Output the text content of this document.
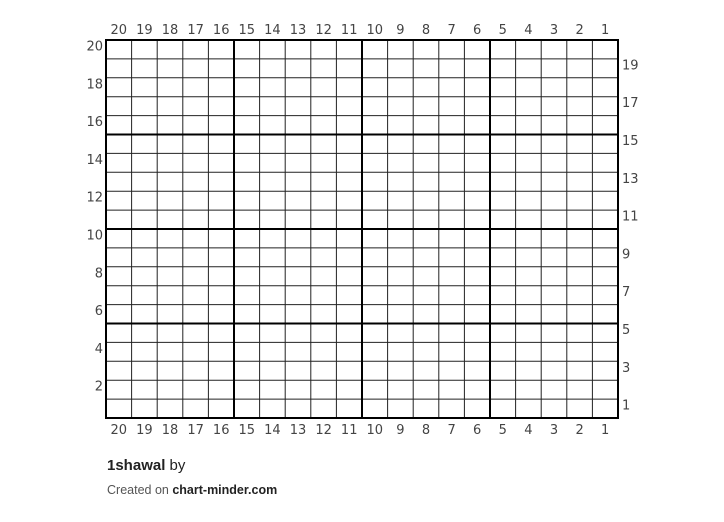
20 19 18 17 16 15 14 13 12 11 10 9 8 7 6 5 4 3 2 1
20 19 18 17 16 15 14 13 12 11 10 9 8 7 6 5 4 3 2 1
20
18
16
14
12
10
8
6
4
2
19
17
15
13
11
9
7
5
3
1
1shawal by
Created on chart-minder.com
